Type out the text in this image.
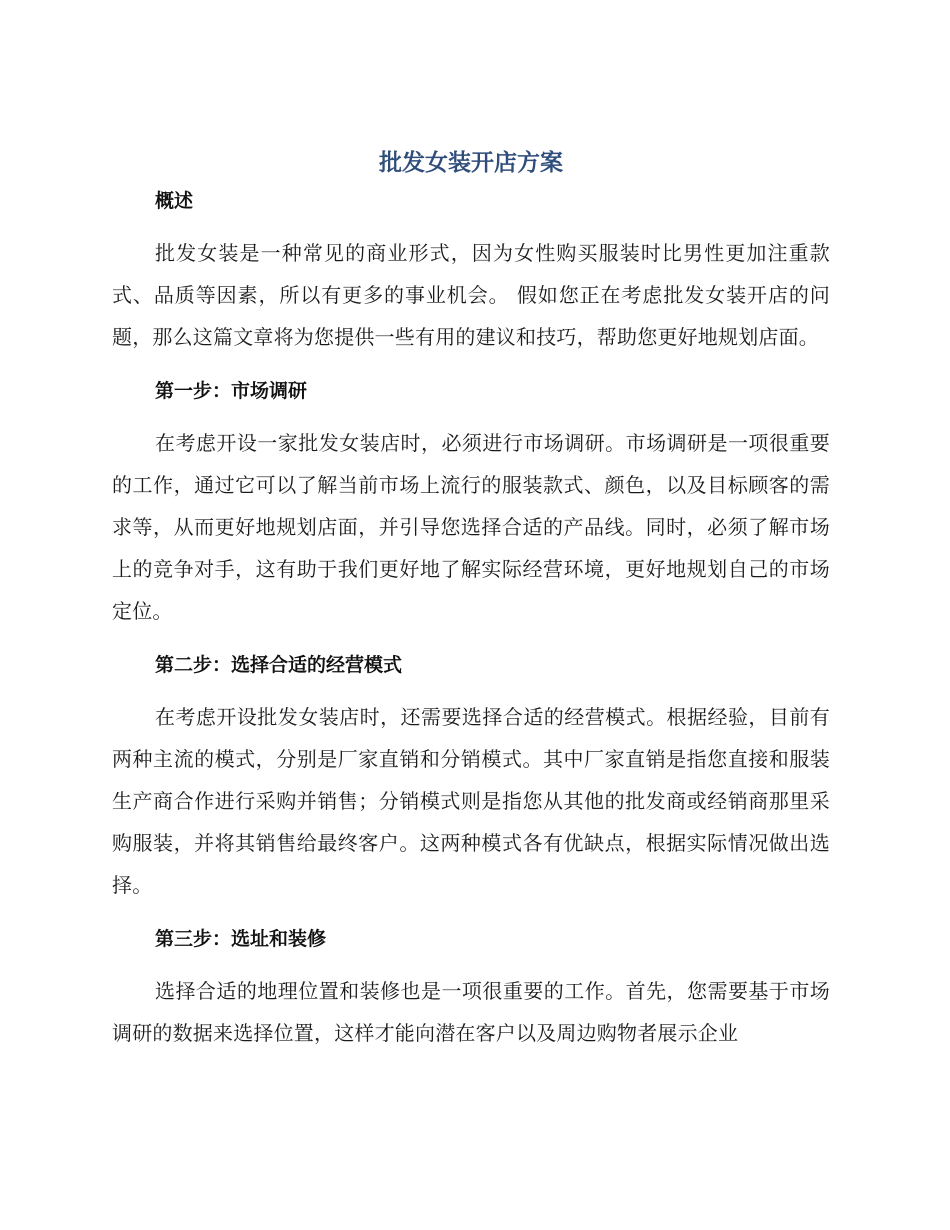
批发女装开店方案
概述
批发女装是一种常见的商业形式，因为女性购买服装时比男性更加注重款式、品质等因素，所以有更多的事业机会。 假如您正在考虑批发女装开店的问题，那么这篇文章将为您提供一些有用的建议和技巧，帮助您更好地规划店面。
第一步：市场调研
在考虑开设一家批发女装店时，必须进行市场调研。市场调研是一项很重要的工作，通过它可以了解当前市场上流行的服装款式、颜色，以及目标顾客的需求等，从而更好地规划店面，并引导您选择合适的产品线。同时，必须了解市场上的竞争对手，这有助于我们更好地了解实际经营环境，更好地规划自己的市场定位。
第二步：选择合适的经营模式
在考虑开设批发女装店时，还需要选择合适的经营模式。根据经验，目前有两种主流的模式，分别是厂家直销和分销模式。其中厂家直销是指您直接和服装生产商合作进行采购并销售；分销模式则是指您从其他的批发商或经销商那里采购服装，并将其销售给最终客户。这两种模式各有优缺点，根据实际情况做出选择。
第三步：选址和装修
选择合适的地理位置和装修也是一项很重要的工作。首先，您需要基于市场调研的数据来选择位置，这样才能向潜在客户以及周边购物者展示企业
